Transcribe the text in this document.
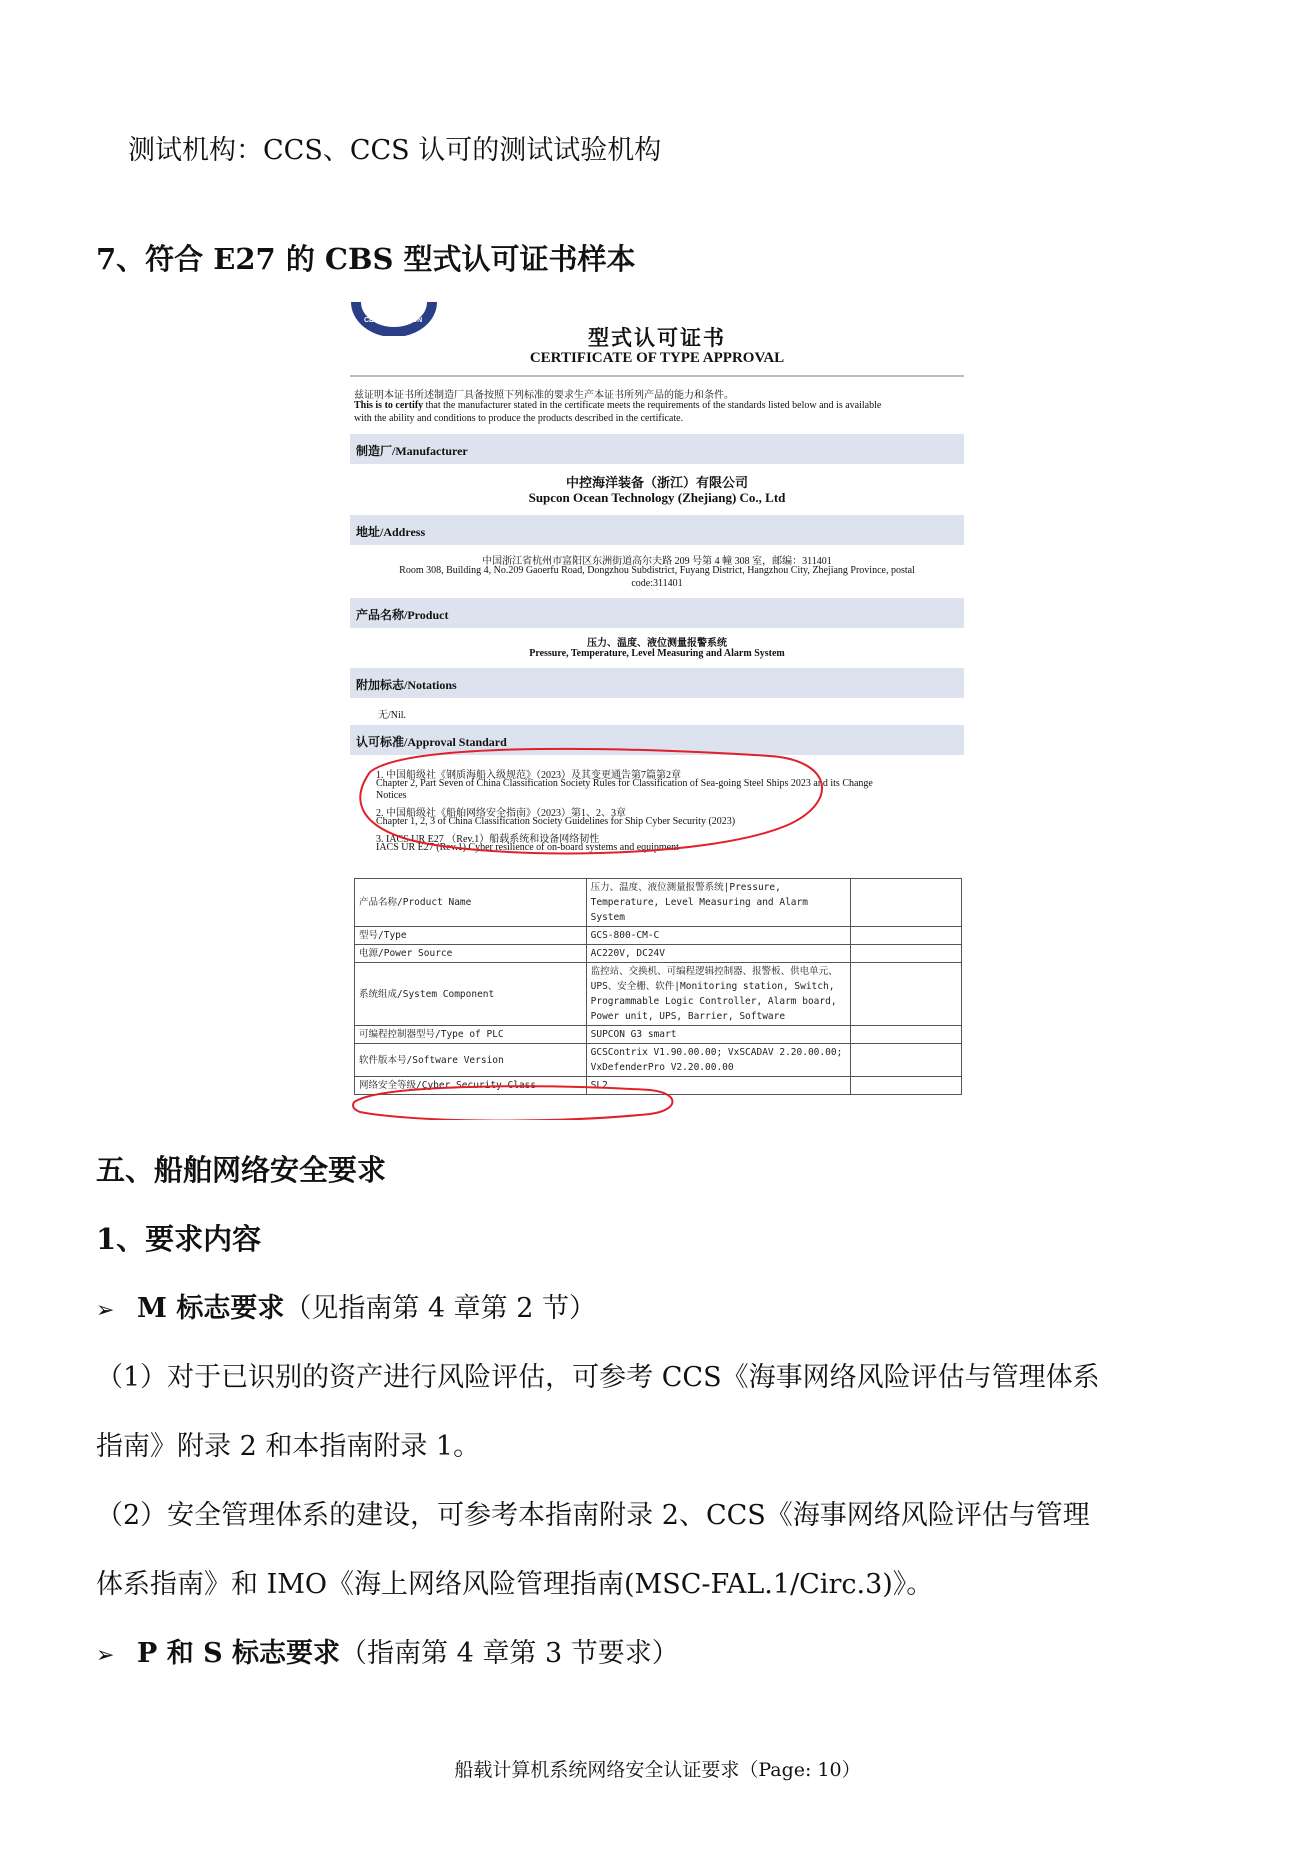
测试机构：CCS、CCS 认可的测试试验机构
7、符合 E27 的 CBS 型式认可证书样本
CLASSIFICATION
型式认可证书
CERTIFICATE OF TYPE APPROVAL
兹证明本证书所述制造厂具备按照下列标准的要求生产本证书所列产品的能力和条件。
This is to certify that the manufacturer stated in the certificate meets the requirements of the standards listed below and is available
with the ability and conditions to produce the products described in the certificate.
制造厂/Manufacturer
中控海洋装备（浙江）有限公司
Supcon Ocean Technology (Zhejiang) Co., Ltd
地址/Address
中国浙江省杭州市富阳区东洲街道高尔夫路 209 号第 4 幢 308 室，邮编：311401
Room 308, Building 4, No.209 Gaoerfu Road, Dongzhou Subdistrict, Fuyang District, Hangzhou City, Zhejiang Province, postal
code:311401
产品名称/Product
压力、温度、液位测量报警系统
Pressure, Temperature, Level Measuring and Alarm System
附加标志/Notations
无/Nil.
认可标准/Approval Standard
1. 中国船级社《钢质海船入级规范》（2023）及其变更通告第7篇第2章
Chapter 2, Part Seven of China Classification Society Rules for Classification of Sea-going Steel Ships 2023 and its Change
Notices
2. 中国船级社《船舶网络安全指南》（2023）第1、2、3章
Chapter 1, 2, 3 of China Classification Society Guidelines for Ship Cyber Security (2023)
3. IACS UR E27 （Rev.1）船载系统和设备网络韧性
IACS UR E27 (Rev.1) Cyber resilience of on-board systems and equipment
产品名称/Product Name	压力、温度、液位测量报警系统|Pressure, Temperature, Level Measuring and Alarm System	
型号/Type	GCS-800-CM-C	
电源/Power Source	AC220V, DC24V	
系统组成/System Component	监控站、交换机、可编程逻辑控制器、报警板、供电单元、UPS、安全栅、软件|Monitoring station, Switch, Programmable Logic Controller, Alarm board, Power unit, UPS, Barrier, Software	
可编程控制器型号/Type of PLC	SUPCON G3 smart	
软件版本号/Software Version	GCSContrix V1.90.00.00; VxSCADAV 2.20.00.00; VxDefenderPro V2.20.00.00	
网络安全等级/Cyber Security Class	SL2	
五、船舶网络安全要求
1、要求内容
➢ M 标志要求（见指南第 4 章第 2 节）
（1）对于已识别的资产进行风险评估，可参考 CCS《海事网络风险评估与管理体系
指南》附录 2 和本指南附录 1。
（2）安全管理体系的建设，可参考本指南附录 2、CCS《海事网络风险评估与管理
体系指南》和 IMO《海上网络风险管理指南(MSC-FAL.1/Circ.3)》。
➢ P 和 S 标志要求（指南第 4 章第 3 节要求）
船载计算机系统网络安全认证要求（Page: 10）
